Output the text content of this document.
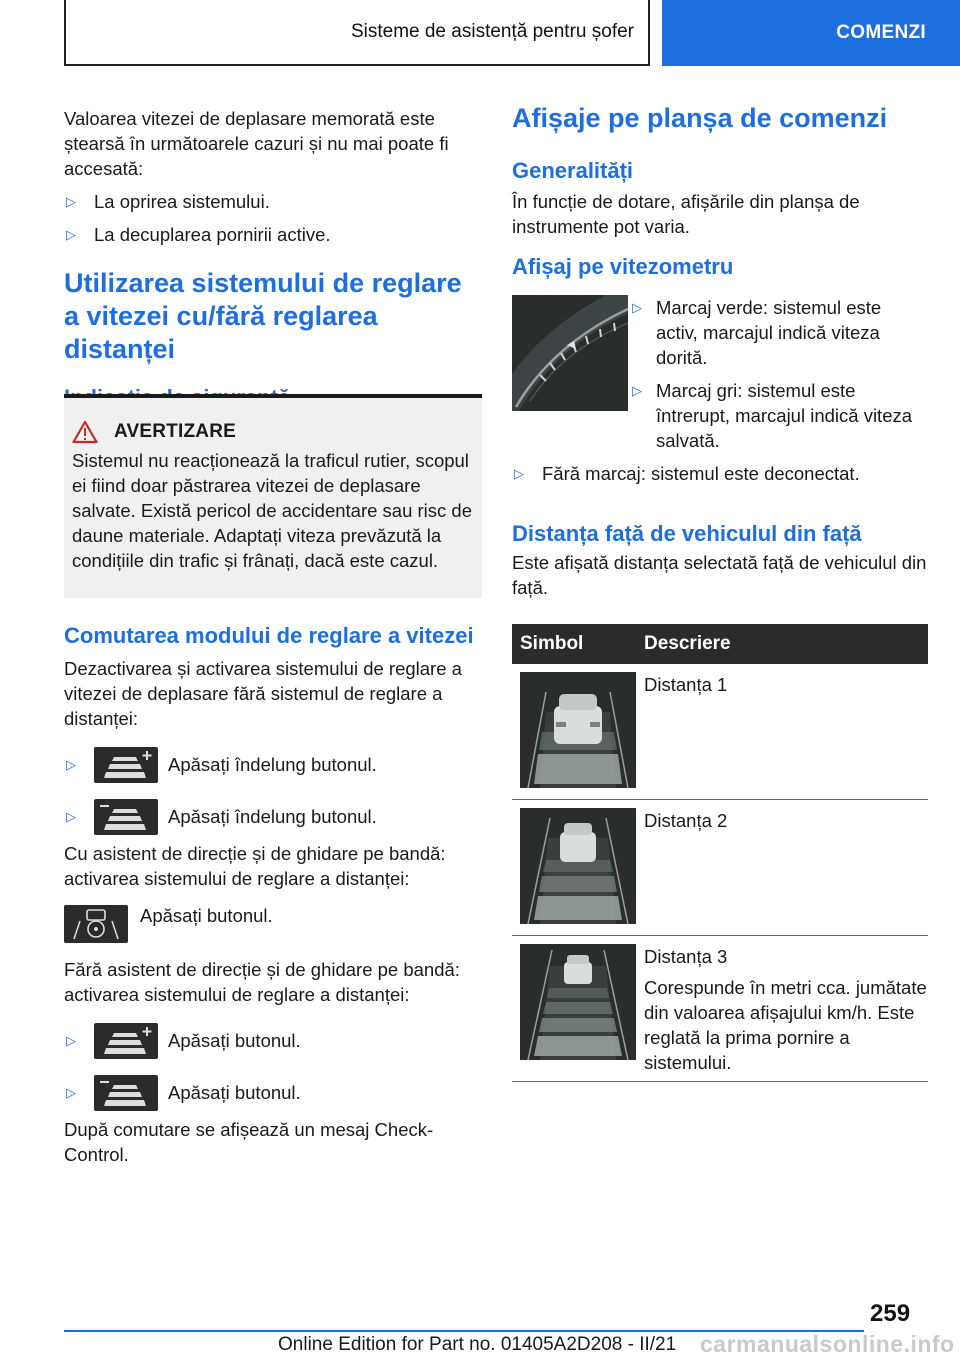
Sisteme de asistență pentru șofer	COMENZI

Valoarea vitezei de deplasare memorată este ștearsă în următoarele cazuri și nu mai poate fi accesată:

▷ La oprirea sistemului.
▷ La decuplarea pornirii active.
Utilizarea sistemului de reglare a vitezei cu/fără reglarea distanței
AVERTIZARE

Sistemul nu reacționează la traficul rutier, scopul ei fiind doar păstrarea vitezei de deplasare salvate. Există pericol de accidentare sau risc de daune materiale. Adaptați viteza prevăzută la condițiile din trafic și frânați, dacă este cazul.

Comutarea modului de reglare a vitezei

Dezactivarea și activarea sistemului de reglare a vitezei de deplasare fără sistemul de reglare a distanței:

▷	Apăsați îndelung butonul.
▷	Apăsați îndelung butonul.

Cu asistent de direcție și de ghidare pe bandă: activarea sistemului de reglare a distanței:

Apăsați butonul.

Fără asistent de direcție și de ghidare pe bandă: activarea sistemului de reglare a distanței:

▷	Apăsați butonul.
▷	Apăsați butonul.

După comutare se afișează un mesaj Check-Control.

Afișaje pe planșa de comenzi
Generalități

În funcție de dotare, afișările din planșa de instrumente pot varia.

Afișaj pe vitezometru
▷ Marcaj verde: sistemul este activ, marcajul indică viteza dorită.
▷ Marcaj gri: sistemul este întrerupt, marcajul indică viteza salvată.
▷ Fără marcaj: sistemul este deconectat.
Distanța față de vehiculul din față

Este afișată distanța selectată față de vehiculul din față.

Simbol	Descriere
Distanța 1
Distanța 2
Distanța 3
Corespunde în metri cca. jumătate din valoarea afișajului km/h. Este reglată la prima pornire a sistemului.
259
Online Edition for Part no. 01405A2D208 - II/21 carmanualsonline.info
